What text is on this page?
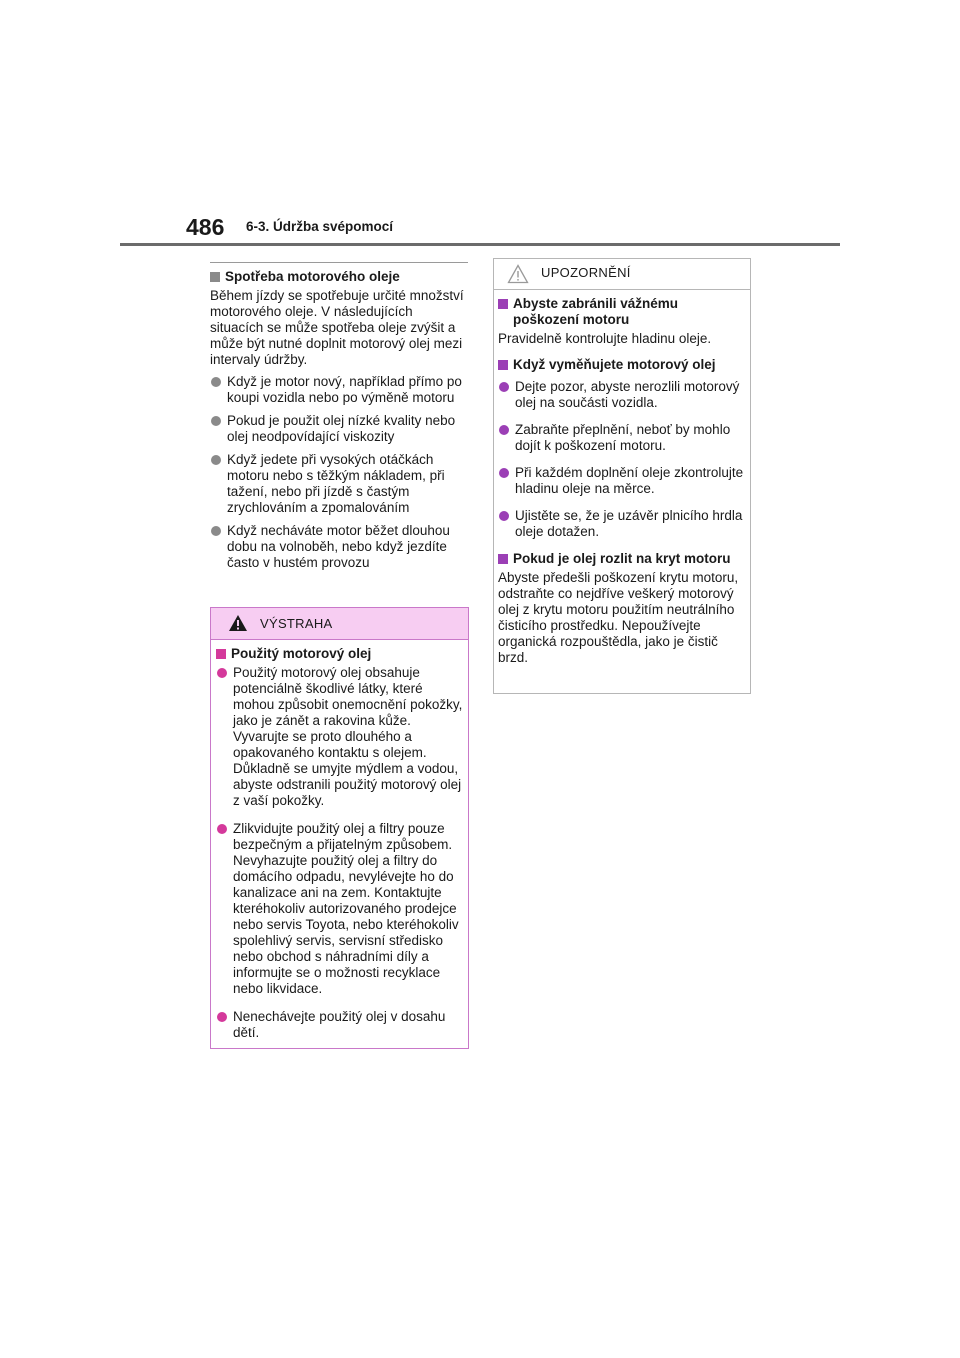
486 6-3. Údržba svépomocí
Spotřeba motorového oleje
Během jízdy se spotřebuje určité množství motorového oleje. V následujících situacích se může spotřeba oleje zvýšit a může být nutné doplnit motorový olej mezi intervaly údržby.
Když je motor nový, například přímo po koupi vozidla nebo po výměně motoru
Pokud je použit olej nízké kvality nebo olej neodpovídající viskozity
Když jedete při vysokých otáčkách motoru nebo s těžkým nákladem, při tažení, nebo při jízdě s častým zrychlováním a zpomalováním
Když necháváte motor běžet dlouhou dobu na volnoběh, nebo když jezdíte často v hustém provozu
VÝSTRAHA
Použitý motorový olej
Použitý motorový olej obsahuje potenciálně škodlivé látky, které mohou způsobit onemocnění pokožky, jako je zánět a rakovina kůže. Vyvarujte se proto dlouhého a opakovaného kontaktu s olejem. Důkladně se umyjte mýdlem a vodou, abyste odstranili použitý motorový olej z vaší pokožky.
Zlikvidujte použitý olej a filtry pouze bezpečným a přijatelným způsobem. Nevyhazujte použitý olej a filtry do domácího odpadu, nevylévejte ho do kanalizace ani na zem. Kontaktujte kteréhokoliv autorizovaného prodejce nebo servis Toyota, nebo kteréhokoliv spolehlivý servis, servisní středisko nebo obchod s náhradními díly a informujte se o možnosti recyklace nebo likvidace.
Nenechávejte použitý olej v dosahu dětí.
UPOZORNĚNÍ
Abyste zabránili vážnému poškození motoru
Pravidelně kontrolujte hladinu oleje.
Když vyměňujete motorový olej
Dejte pozor, abyste nerozlili motorový olej na součásti vozidla.
Zabraňte přeplnění, neboť by mohlo dojít k poškození motoru.
Při každém doplnění oleje zkontrolujte hladinu oleje na měrce.
Ujistěte se, že je uzávěr plnicího hrdla oleje dotažen.
Pokud je olej rozlit na kryt motoru
Abyste předešli poškození krytu motoru, odstraňte co nejdříve veškerý motorový olej z krytu motoru použitím neutrálního čisticího prostředku. Nepoužívejte organická rozpouštědla, jako je čistič brzd.
